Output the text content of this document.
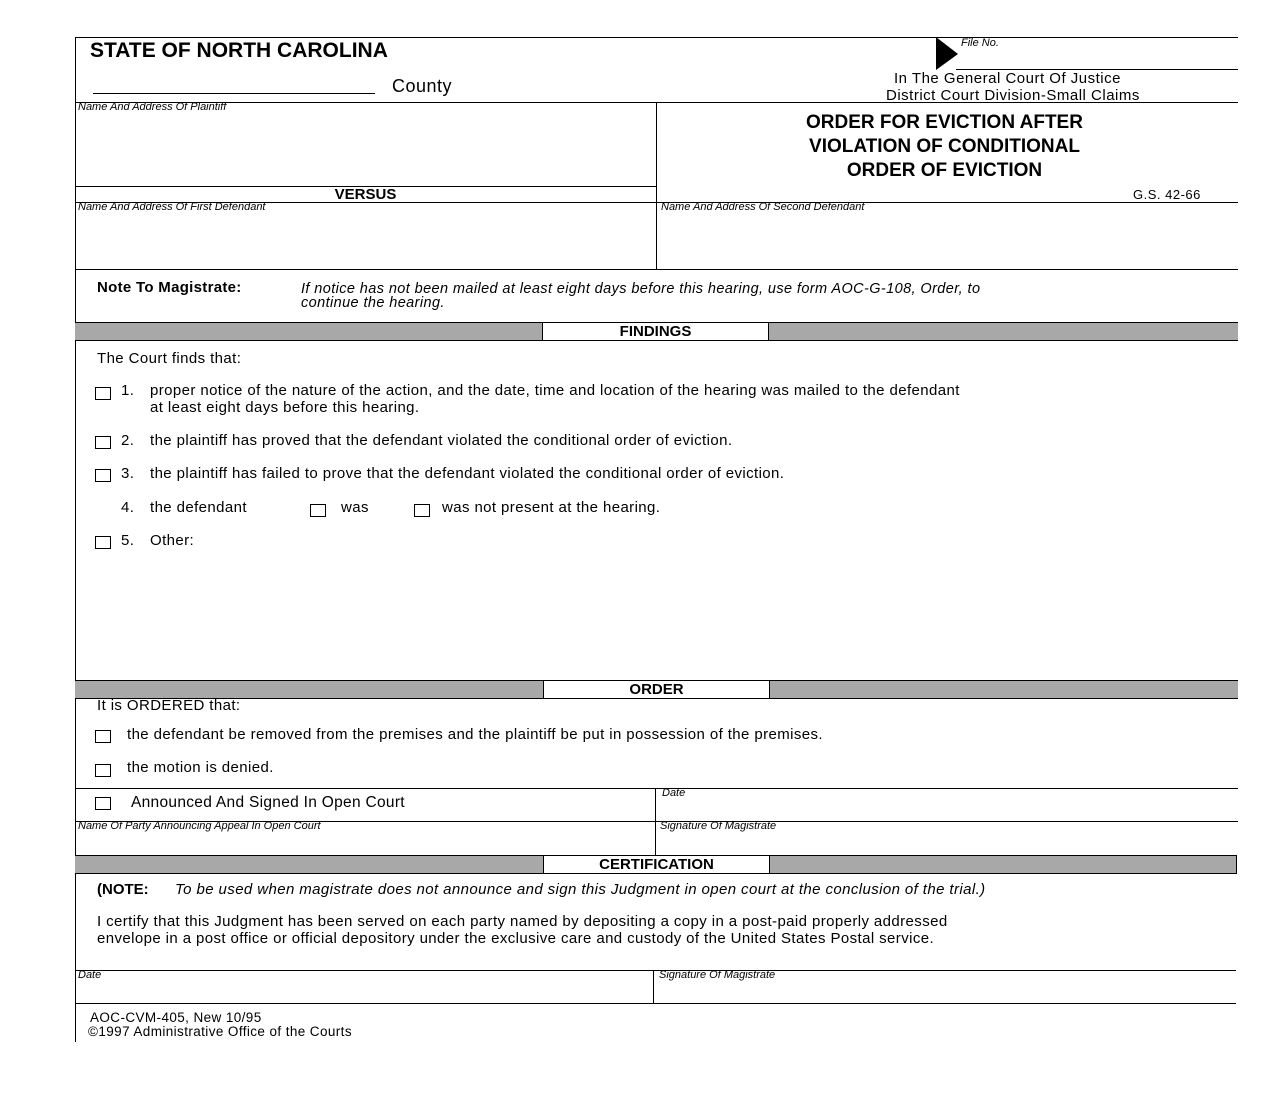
STATE OF NORTH CAROLINA
County
File No.
In The General Court Of Justice
District Court Division-Small Claims
Name And Address Of Plaintiff
VERSUS
Name And Address Of First Defendant	Name And Address Of Second Defendant
ORDER FOR EVICTION AFTER
VIOLATION OF CONDITIONAL
ORDER OF EVICTION
G.S. 42-66
Note To Magistrate:	If notice has not been mailed at least eight days before this hearing, use form AOC-G-108, Order, to
continue the hearing.
FINDINGS
The Court finds that:
1. proper notice of the nature of the action, and the date, time and location of the hearing was mailed to the defendant
at least eight days before this hearing.
2. the plaintiff has proved that the defendant violated the conditional order of eviction.
3. the plaintiff has failed to prove that the defendant violated the conditional order of eviction.
4. the defendant	was	was not present at the hearing.
5. Other:
ORDER
It is ORDERED that:
the defendant be removed from the premises and the plaintiff be put in possession of the premises.
the motion is denied.
Announced And Signed In Open Court
Date
Name Of Party Announcing Appeal In Open Court	Signature Of Magistrate
CERTIFICATION
(NOTE: To be used when magistrate does not announce and sign this Judgment in open court at the conclusion of the trial.)
I certify that this Judgment has been served on each party named by depositing a copy in a post-paid properly addressed
envelope in a post office or official depository under the exclusive care and custody of the United States Postal service.
Date	Signature Of Magistrate
AOC-CVM-405, New 10/95
©1997 Administrative Office of the Courts
